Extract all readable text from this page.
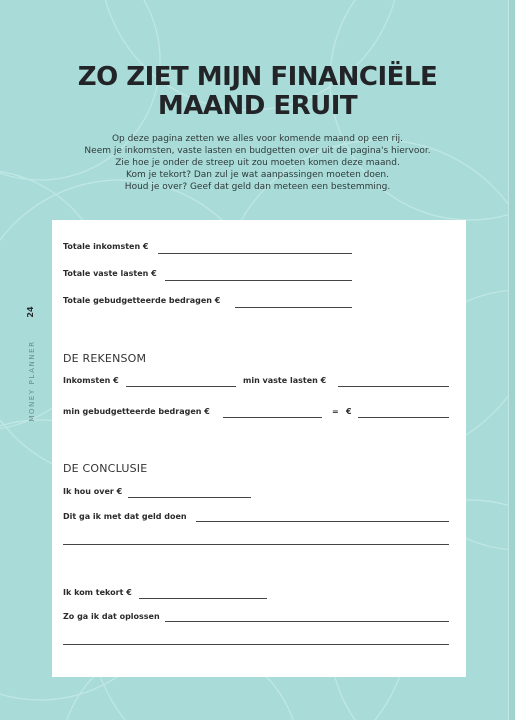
ZO ZIET MIJN FINANCIËLE
MAAND ERUIT
Op deze pagina zetten we alles voor komende maand op een rij.
Neem je inkomsten, vaste lasten en budgetten over uit de pagina's hiervoor.
Zie hoe je onder de streep uit zou moeten komen deze maand.
Kom je tekort? Dan zul je wat aanpassingen moeten doen.
Houd je over? Geef dat geld dan meteen een bestemming.
24
MONEY PLANNER
Totale inkomsten €
Totale vaste lasten €
Totale gebudgetteerde bedragen €
DE REKENSOM
Inkomsten €	min vaste lasten €
min gebudgetteerde bedragen €	= €
DE CONCLUSIE
Ik hou over €
Dit ga ik met dat geld doen
Ik kom tekort €
Zo ga ik dat oplossen
